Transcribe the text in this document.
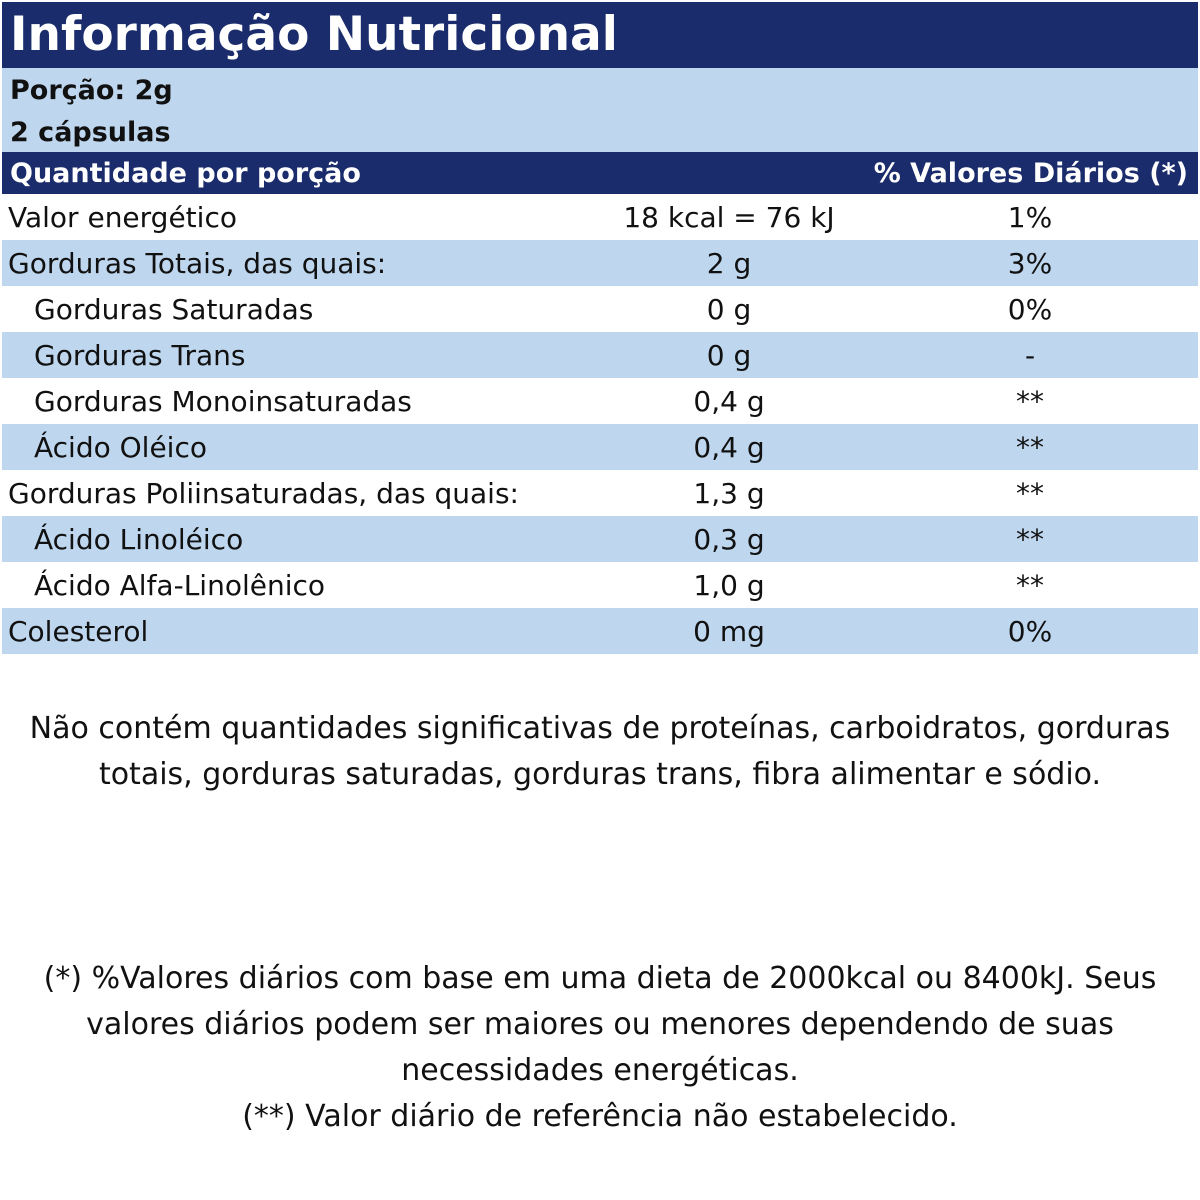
Informação Nutricional
Porção: 2g
2 cápsulas
Quantidade por porção	% Valores Diários (*)
Valor energético	18 kcal = 76 kJ	1%
Gorduras Totais, das quais:	2 g	3%
Gorduras Saturadas	0 g	0%
Gorduras Trans	0 g	-
Gorduras Monoinsaturadas	0,4 g	**
Ácido Oléico	0,4 g	**
Gorduras Poliinsaturadas, das quais:	1,3 g	**
Ácido Linoléico	0,3 g	**
Ácido Alfa-Linolênico	1,0 g	**
Colesterol	0 mg	0%
Não contém quantidades significativas de proteínas, carboidratos, gorduras totais, gorduras saturadas, gorduras trans, fibra alimentar e sódio.
(*) %Valores diários com base em uma dieta de 2000kcal ou 8400kJ. Seus valores diários podem ser maiores ou menores dependendo de suas necessidades energéticas.
(**) Valor diário de referência não estabelecido.
